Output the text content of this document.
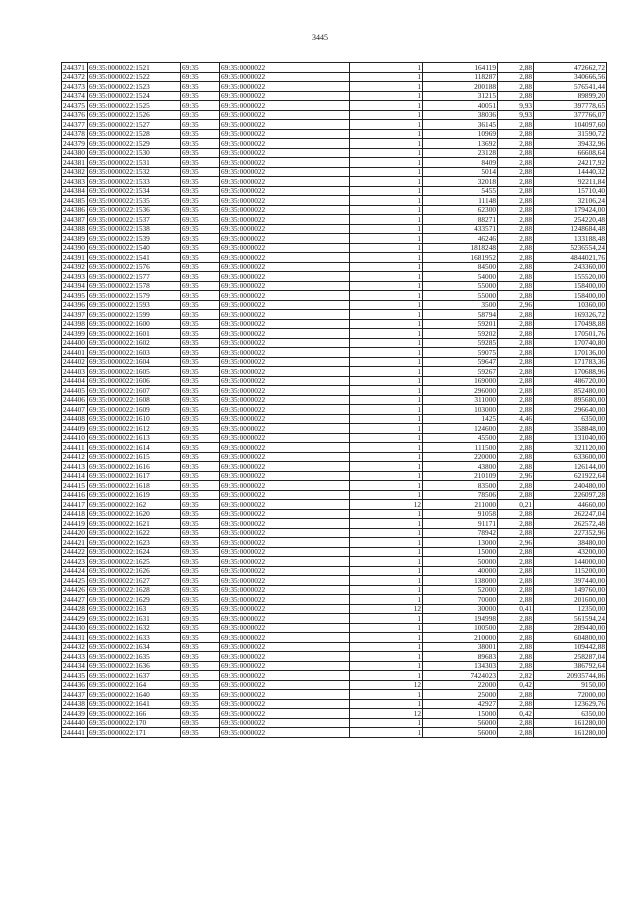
3445
244371	69:35:0000022:1521	69:35	69:35:0000022	1	164119	2,88	472662,72
244372	69:35:0000022:1522	69:35	69:35:0000022	1	118287	2,88	340666,56
244373	69:35:0000022:1523	69:35	69:35:0000022	1	200188	2,88	576541,44
244374	69:35:0000022:1524	69:35	69:35:0000022	1	31215	2,88	89899,20
244375	69:35:0000022:1525	69:35	69:35:0000022	1	40051	9,93	397778,65
244376	69:35:0000022:1526	69:35	69:35:0000022	1	38036	9,93	377766,07
244377	69:35:0000022:1527	69:35	69:35:0000022	1	36145	2,88	104097,60
244378	69:35:0000022:1528	69:35	69:35:0000022	1	10969	2,88	31590,72
244379	69:35:0000022:1529	69:35	69:35:0000022	1	13692	2,88	39432,96
244380	69:35:0000022:1530	69:35	69:35:0000022	1	23128	2,88	66608,64
244381	69:35:0000022:1531	69:35	69:35:0000022	1	8409	2,88	24217,92
244382	69:35:0000022:1532	69:35	69:35:0000022	1	5014	2,88	14440,32
244383	69:35:0000022:1533	69:35	69:35:0000022	1	32018	2,88	92211,84
244384	69:35:0000022:1534	69:35	69:35:0000022	1	5455	2,88	15710,40
244385	69:35:0000022:1535	69:35	69:35:0000022	1	11148	2,88	32106,24
244386	69:35:0000022:1536	69:35	69:35:0000022	1	62300	2,88	179424,00
244387	69:35:0000022:1537	69:35	69:35:0000022	1	88271	2,88	254220,48
244388	69:35:0000022:1538	69:35	69:35:0000022	1	433571	2,88	1248684,48
244389	69:35:0000022:1539	69:35	69:35:0000022	1	46246	2,88	133188,48
244390	69:35:0000022:1540	69:35	69:35:0000022	1	1818248	2,88	5236554,24
244391	69:35:0000022:1541	69:35	69:35:0000022	1	1681952	2,88	4844021,76
244392	69:35:0000022:1576	69:35	69:35:0000022	1	84500	2,88	243360,00
244393	69:35:0000022:1577	69:35	69:35:0000022	1	54000	2,88	155520,00
244394	69:35:0000022:1578	69:35	69:35:0000022	1	55000	2,88	158400,00
244395	69:35:0000022:1579	69:35	69:35:0000022	1	55000	2,88	158400,00
244396	69:35:0000022:1593	69:35	69:35:0000022	1	3500	2,96	10360,00
244397	69:35:0000022:1599	69:35	69:35:0000022	1	58794	2,88	169326,72
244398	69:35:0000022:1600	69:35	69:35:0000022	1	59201	2,88	170498,88
244399	69:35:0000022:1601	69:35	69:35:0000022	1	59202	2,88	170501,76
244400	69:35:0000022:1602	69:35	69:35:0000022	1	59285	2,88	170740,80
244401	69:35:0000022:1603	69:35	69:35:0000022	1	59075	2,88	170136,00
244402	69:35:0000022:1604	69:35	69:35:0000022	1	59647	2,88	171783,36
244403	69:35:0000022:1605	69:35	69:35:0000022	1	59267	2,88	170688,96
244404	69:35:0000022:1606	69:35	69:35:0000022	1	169000	2,88	486720,00
244405	69:35:0000022:1607	69:35	69:35:0000022	1	296000	2,88	852480,00
244406	69:35:0000022:1608	69:35	69:35:0000022	1	311000	2,88	895680,00
244407	69:35:0000022:1609	69:35	69:35:0000022	1	103000	2,88	296640,00
244408	69:35:0000022:1610	69:35	69:35:0000022	1	1425	4,46	6350,00
244409	69:35:0000022:1612	69:35	69:35:0000022	1	124600	2,88	358848,00
244410	69:35:0000022:1613	69:35	69:35:0000022	1	45500	2,88	131040,00
244411	69:35:0000022:1614	69:35	69:35:0000022	1	111500	2,88	321120,00
244412	69:35:0000022:1615	69:35	69:35:0000022	1	220000	2,88	633600,00
244413	69:35:0000022:1616	69:35	69:35:0000022	1	43800	2,88	126144,00
244414	69:35:0000022:1617	69:35	69:35:0000022	1	210109	2,96	621922,64
244415	69:35:0000022:1618	69:35	69:35:0000022	1	83500	2,88	240480,00
244416	69:35:0000022:1619	69:35	69:35:0000022	1	78506	2,88	226097,28
244417	69:35:0000022:162	69:35	69:35:0000022	12	211000	0,21	44660,00
244418	69:35:0000022:1620	69:35	69:35:0000022	1	91058	2,88	262247,04
244419	69:35:0000022:1621	69:35	69:35:0000022	1	91171	2,88	262572,48
244420	69:35:0000022:1622	69:35	69:35:0000022	1	78942	2,88	227352,96
244421	69:35:0000022:1623	69:35	69:35:0000022	1	13000	2,96	38480,00
244422	69:35:0000022:1624	69:35	69:35:0000022	1	15000	2,88	43200,00
244423	69:35:0000022:1625	69:35	69:35:0000022	1	50000	2,88	144000,00
244424	69:35:0000022:1626	69:35	69:35:0000022	1	40000	2,88	115200,00
244425	69:35:0000022:1627	69:35	69:35:0000022	1	138000	2,88	397440,00
244426	69:35:0000022:1628	69:35	69:35:0000022	1	52000	2,88	149760,00
244427	69:35:0000022:1629	69:35	69:35:0000022	1	70000	2,88	201600,00
244428	69:35:0000022:163	69:35	69:35:0000022	12	30000	0,41	12350,00
244429	69:35:0000022:1631	69:35	69:35:0000022	1	194998	2,88	561594,24
244430	69:35:0000022:1632	69:35	69:35:0000022	1	100500	2,88	289440,00
244431	69:35:0000022:1633	69:35	69:35:0000022	1	210000	2,88	604800,00
244432	69:35:0000022:1634	69:35	69:35:0000022	1	38001	2,88	109442,88
244433	69:35:0000022:1635	69:35	69:35:0000022	1	89683	2,88	258287,04
244434	69:35:0000022:1636	69:35	69:35:0000022	1	134303	2,88	386792,64
244435	69:35:0000022:1637	69:35	69:35:0000022	1	7424023	2,82	20935744,86
244436	69:35:0000022:164	69:35	69:35:0000022	12	22000	0,42	9150,00
244437	69:35:0000022:1640	69:35	69:35:0000022	1	25000	2,88	72000,00
244438	69:35:0000022:1641	69:35	69:35:0000022	1	42927	2,88	123629,76
244439	69:35:0000022:166	69:35	69:35:0000022	12	15000	0,42	6350,00
244440	69:35:0000022:170	69:35	69:35:0000022	1	56000	2,88	161280,00
244441	69:35:0000022:171	69:35	69:35:0000022	1	56000	2,88	161280,00
